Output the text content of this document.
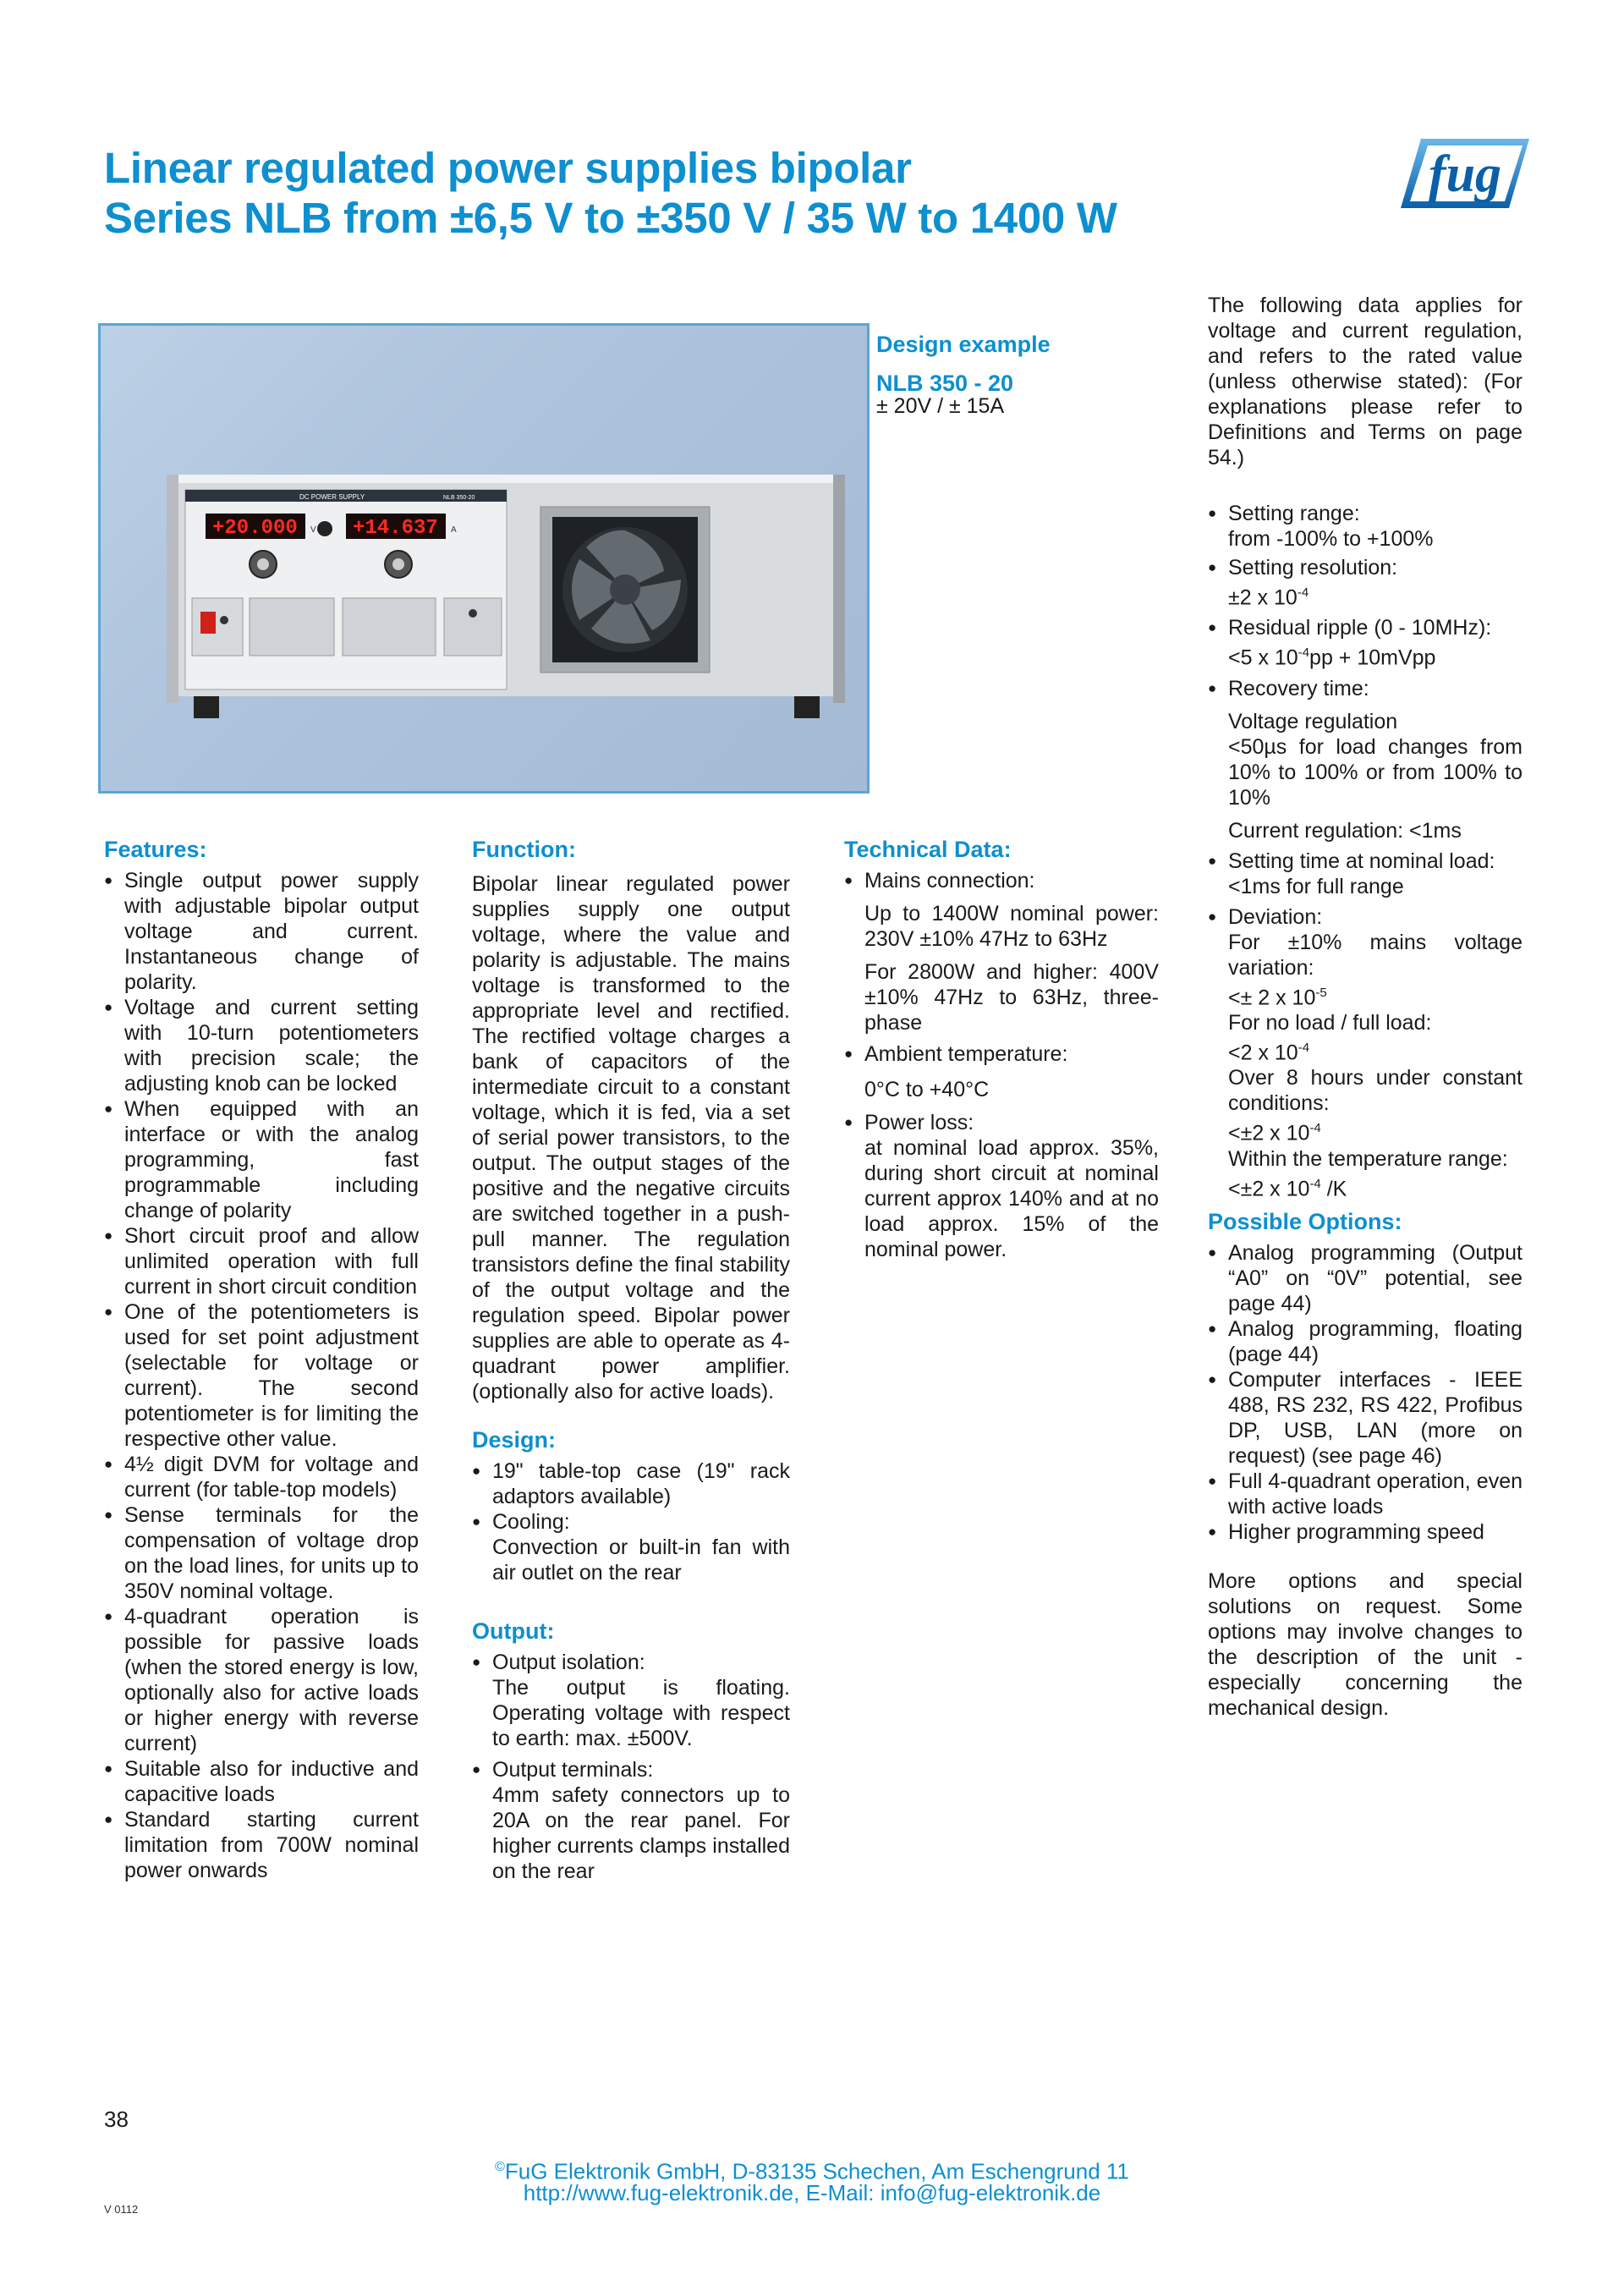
Linear regulated power supplies bipolar
Series NLB from ±6,5 V to ±350 V / 35 W to 1400 W
fug
DC POWER SUPPLY	NLB 350-20
+20.000 V +14.637 A
Design example
NLB 350 - 20
± 20V / ± 15A

The following data applies for voltage and current regulation, and refers to the rated value (unless otherwise stated): (For explanations please refer to Definitions and Terms on page 54.)

● Setting range:

from -100% to +100%

● Setting resolution:

±2 x $10^{-4}$

● Residual ripple (0 - 10MHz):

<5 x $10^{-4}pp$ + 10mVpp

● Recovery time:

Voltage regulation

<50µs for load changes from 10% to 100% or from 100% to 10%

Current regulation: <1ms

● Setting time at nominal load:

<1ms for full range

● Deviation:

For ±10% mains voltage variation:

<± 2 x $10^{-5}$

For no load / full load:

<2 x $10^{-4}$

Over 8 hours under constant conditions:

<±2 x $10^{-4}$

Within the temperature range:

<±2 x $10^{-4}$ /K

Possible Options:

● Analog programming (Output “A0” on “0V” potential, see page 44)

● Analog programming, floating (page 44)

● Computer interfaces - IEEE 488, RS 232, RS 422, Profibus DP, USB, LAN (more on request) (see page 46)

● Full 4-quadrant operation, even with active loads

● Higher programming speed

More options and special solutions on request. Some options may involve changes to the description of the unit - especially concerning the mechanical design.

Features:

● Single output power supply with adjustable bipolar output voltage and current. Instantaneous change of polarity.

● Voltage and current setting with 10-turn potentiometers with precision scale; the adjusting knob can be locked

● When equipped with an interface or with the analog programming, fast programmable including change of polarity

● Short circuit proof and allow unlimited operation with full current in short circuit condition

● One of the potentiometers is used for set point adjustment (selectable for voltage or current). The second potentiometer is for limiting the respective other value.

● 4½ digit DVM for voltage and current (for table-top models)

● Sense terminals for the compensation of voltage drop on the load lines, for units up to 350V nominal voltage.

● 4-quadrant operation is possible for passive loads (when the stored energy is low, optionally also for active loads or higher energy with reverse current)

● Suitable also for inductive and capacitive loads

● Standard starting current limitation from 700W nominal power onwards

Function:

Bipolar linear regulated power supplies supply one output voltage, where the value and polarity is adjustable. The mains voltage is transformed to the appropriate level and rectified. The rectified voltage charges a bank of capacitors of the intermediate circuit to a constant voltage, which it is fed, via a set of serial power transistors, to the output. The output stages of the positive and the negative circuits are switched together in a push-pull manner. The regulation transistors define the final stability of the output voltage and the regulation speed. Bipolar power supplies are able to operate as 4-quadrant power amplifier. (optionally also for active loads).

Design:

● 19" table-top case (19" rack adaptors available)

● Cooling:

Convection or built-in fan with air outlet on the rear

Output:

● Output isolation:

The output is floating. Operating voltage with respect to earth: max. ±500V.

● Output terminals:

4mm safety connectors up to 20A on the rear panel. For higher currents clamps installed on the rear

Technical Data:

● Mains connection:

Up to 1400W nominal power: 230V ±10% 47Hz to 63Hz

For 2800W and higher: 400V ±10% 47Hz to 63Hz, three-phase

● Ambient temperature:

0°C to +40°C

● Power loss:

at nominal load approx. 35%, during short circuit at nominal current approx 140% and at no load approx. 15% of the nominal power.

38
V 0112
©FuG Elektronik GmbH, D-83135 Schechen, Am Eschengrund 11
http://www.fug-elektronik.de, E-Mail: info@fug-elektronik.de
